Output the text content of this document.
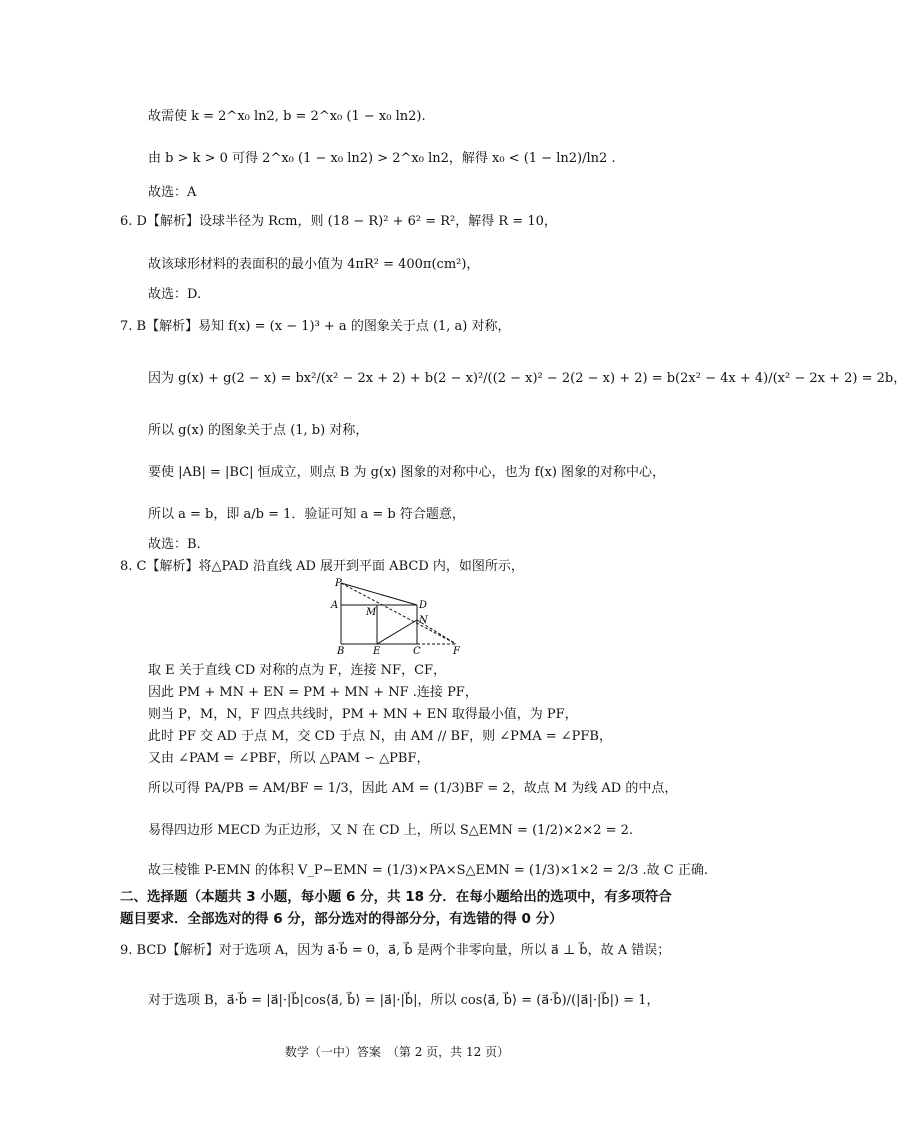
故需使 k = 2^x₀ ln2, b = 2^x₀ (1 − x₀ ln2).
由 b > k > 0 可得 2^x₀ (1 − x₀ ln2) > 2^x₀ ln2，解得 x₀ < (1 − ln2)/ln2 .
故选：A
6. D【解析】设球半径为 Rcm，则 (18 − R)² + 6² = R²，解得 R = 10，
故该球形材料的表面积的最小值为 4πR² = 400π(cm²)，
故选：D.
7. B【解析】易知 f(x) = (x − 1)³ + a 的图象关于点 (1, a) 对称，
因为 g(x) + g(2 − x) = bx²/(x² − 2x + 2) + b(2 − x)²/((2 − x)² − 2(2 − x) + 2) = b(2x² − 4x + 4)/(x² − 2x + 2) = 2b，
所以 g(x) 的图象关于点 (1, b) 对称，
要使 |AB| = |BC| 恒成立，则点 B 为 g(x) 图象的对称中心，也为 f(x) 图象的对称中心，
所以 a = b，即 a/b = 1．验证可知 a = b 符合题意，
故选：B.
8. C【解析】将△PAD 沿直线 AD 展开到平面 ABCD 内，如图所示，
P
A
M
D
N
B	E	C	F
取 E 关于直线 CD 对称的点为 F，连接 NF，CF，
因此 PM + MN + EN = PM + MN + NF .连接 PF，
则当 P，M，N，F 四点共线时，PM + MN + EN 取得最小值，为 PF，
此时 PF 交 AD 于点 M，交 CD 于点 N，由 AM // BF，则 ∠PMA = ∠PFB，
又由 ∠PAM = ∠PBF，所以 △PAM ∽ △PBF，
所以可得 PA/PB = AM/BF = 1/3，因此 AM = (1/3)BF = 2，故点 M 为线 AD 的中点，
易得四边形 MECD 为正边形，又 N 在 CD 上，所以 S△EMN = (1/2)×2×2 = 2.
故三棱锥 P-EMN 的体积 V_P−EMN = (1/3)×PA×S△EMN = (1/3)×1×2 = 2/3 .故 C 正确.
二、选择题（本题共 3 小题，每小题 6 分，共 18 分．在每小题给出的选项中，有多项符合
题目要求．全部选对的得 6 分，部分选对的得部分分，有选错的得 0 分）
9. BCD【解析】对于选项 A，因为 a⃗·b⃗ = 0，a⃗, b⃗ 是两个非零向量，所以 a⃗ ⊥ b⃗，故 A 错误；
对于选项 B，a⃗·b⃗ = |a⃗|·|b⃗|cos⟨a⃗, b⃗⟩ = |a⃗|·|b⃗|，所以 cos⟨a⃗, b⃗⟩ = (a⃗·b⃗)/(|a⃗|·|b⃗|) = 1，
数学（一中）答案　（第 2 页，共 12 页）
